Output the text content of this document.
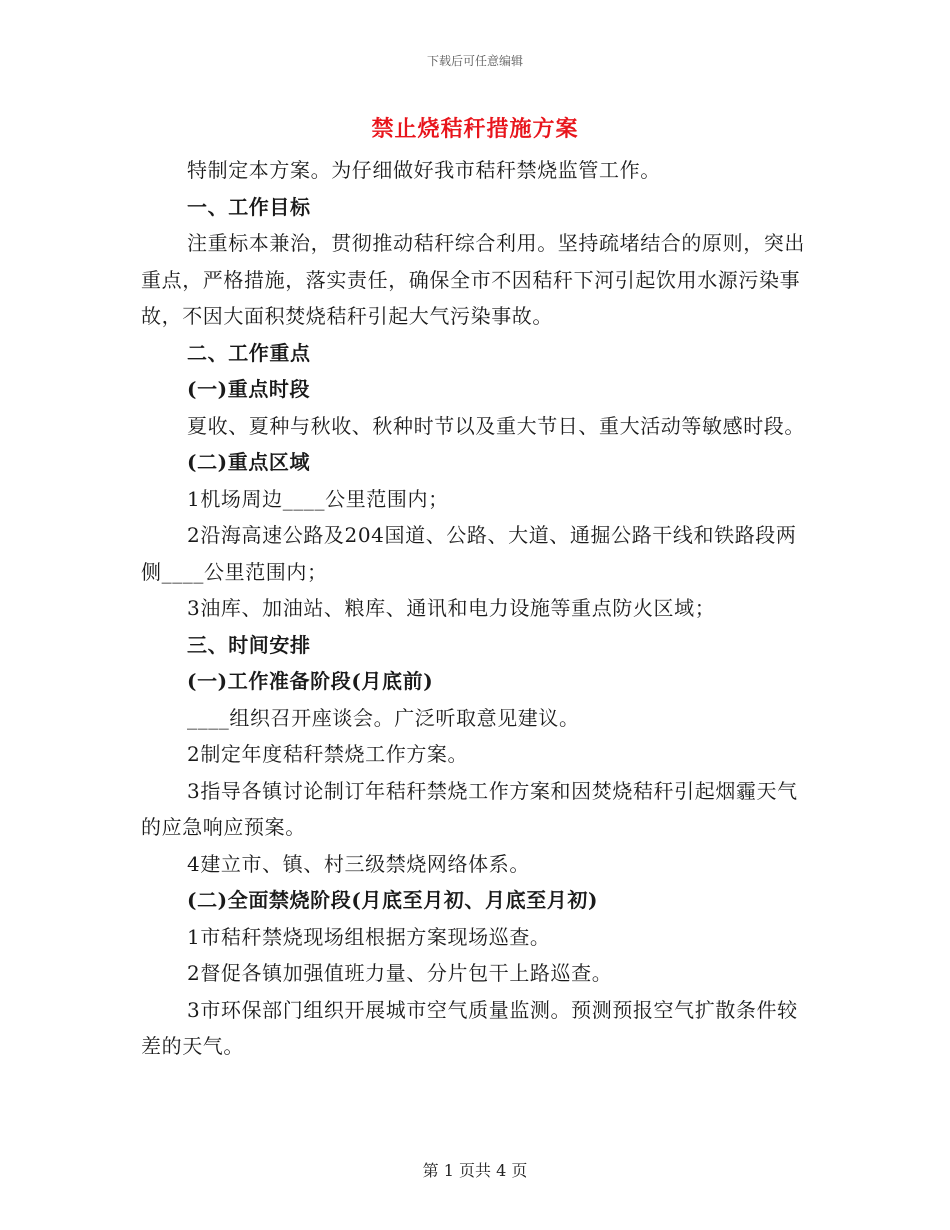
下载后可任意编辑
禁止烧秸秆措施方案

特制定本方案。为仔细做好我市秸秆禁烧监管工作。

一、工作目标

注重标本兼治，贯彻推动秸秆综合利用。坚持疏堵结合的原则，突出重点，严格措施，落实责任，确保全市不因秸秆下河引起饮用水源污染事故，不因大面积焚烧秸秆引起大气污染事故。

二、工作重点

(一)重点时段

夏收、夏种与秋收、秋种时节以及重大节日、重大活动等敏感时段。

(二)重点区域

1机场周边____公里范围内；

2沿海高速公路及204国道、公路、大道、通掘公路干线和铁路段两侧____公里范围内；

3油库、加油站、粮库、通讯和电力设施等重点防火区域；

三、时间安排

(一)工作准备阶段(月底前)

____组织召开座谈会。广泛听取意见建议。

2制定年度秸秆禁烧工作方案。

3指导各镇讨论制订年秸秆禁烧工作方案和因焚烧秸秆引起烟霾天气的应急响应预案。

4建立市、镇、村三级禁烧网络体系。

(二)全面禁烧阶段(月底至月初、月底至月初)

1市秸秆禁烧现场组根据方案现场巡查。

2督促各镇加强值班力量、分片包干上路巡查。

3市环保部门组织开展城市空气质量监测。预测预报空气扩散条件较差的天气。

第 1 页共 4 页
